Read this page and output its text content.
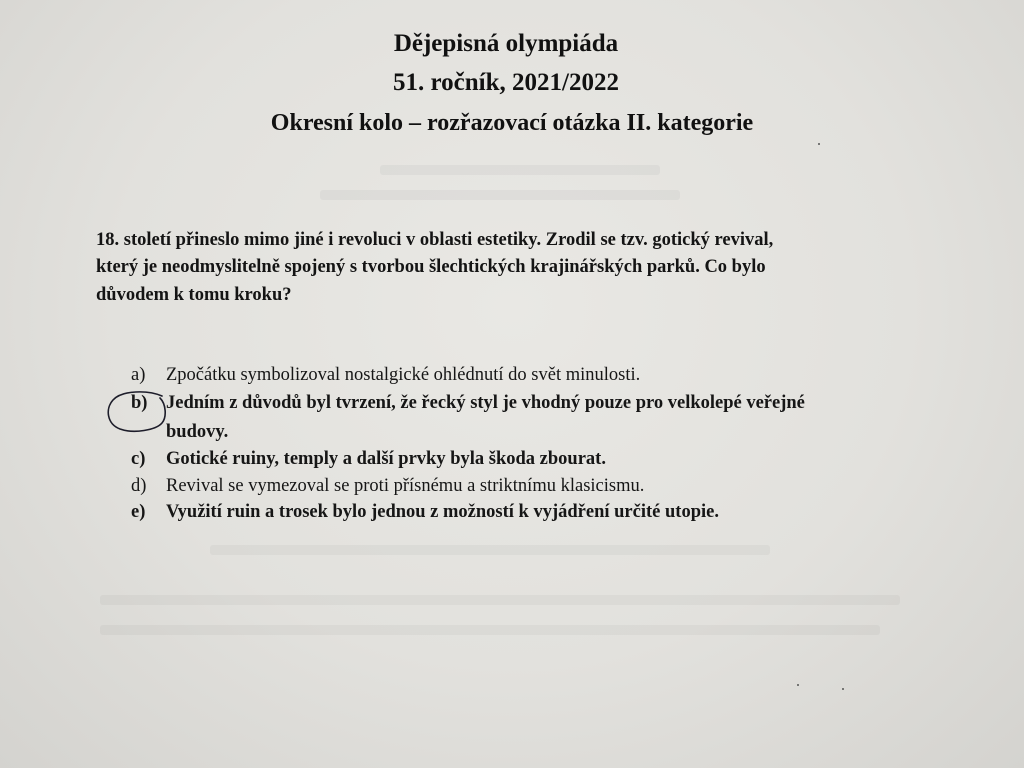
Dějepisná olympiáda
51. ročník, 2021/2022
Okresní kolo – rozřazovací otázka II. kategorie
18. století přineslo mimo jiné i revoluci v oblasti estetiky. Zrodil se tzv. gotický revival,
který je neodmyslitelně spojený s tvorbou šlechtických krajinářských parků. Co bylo
důvodem k tomu kroku?
a) Zpočátku symbolizoval nostalgické ohlédnutí do svět minulosti.
b) Jedním z důvodů byl tvrzení, že řecký styl je vhodný pouze pro velkolepé veřejné
budovy.
c) Gotické ruiny, temply a další prvky byla škoda zbourat.
d) Revival se vymezoval se proti přísnému a striktnímu klasicismu.
e) Využití ruin a trosek bylo jednou z možností k vyjádření určité utopie.
